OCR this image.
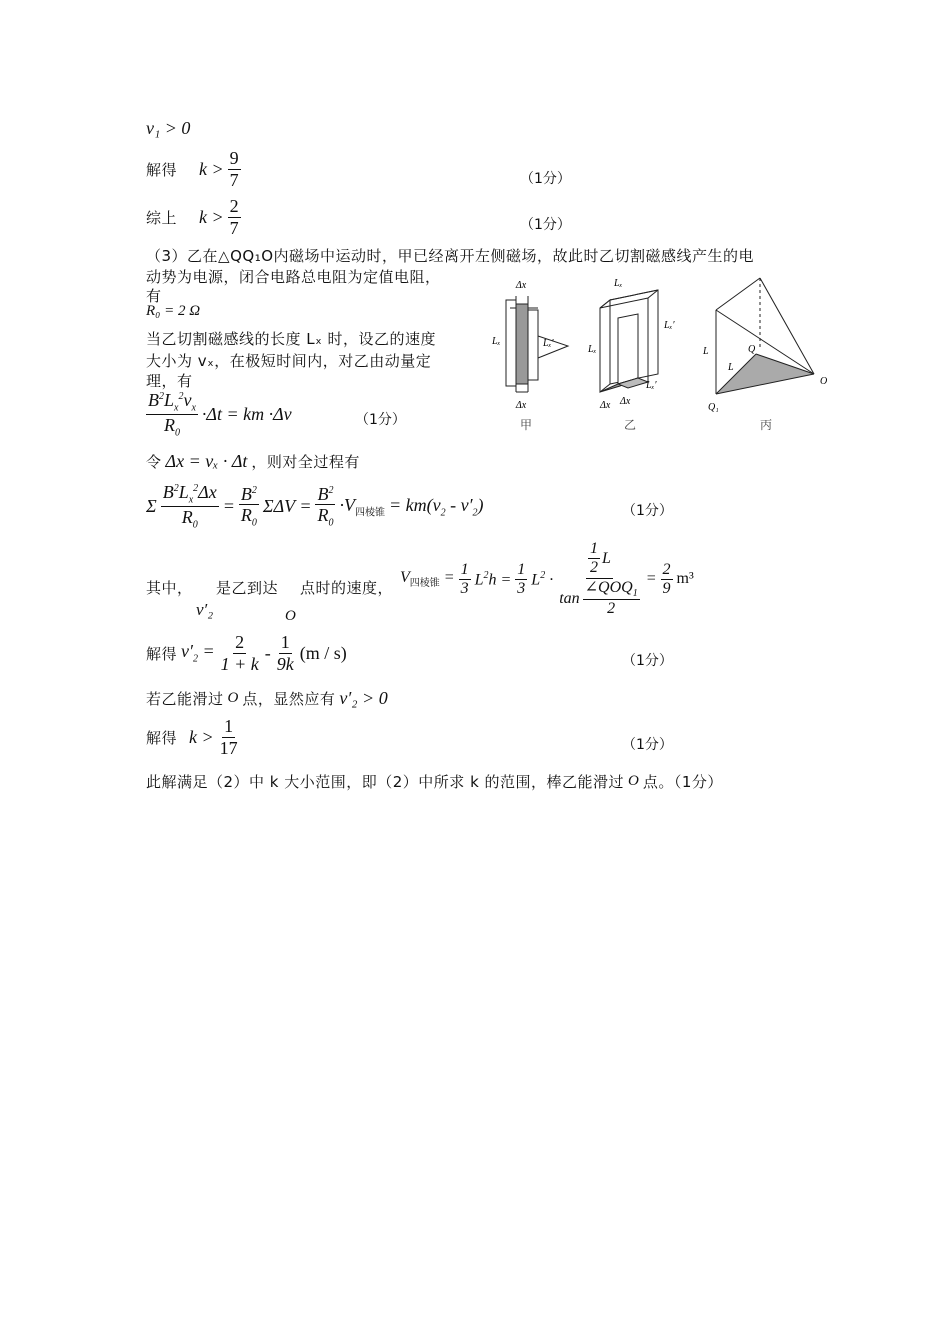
v₁ > 0
解得 $k > \frac{9}{7}$	（1分）
综上 $k > \frac{2}{7}$	（1分）
（3）乙在△QQ₁O内磁场中运动时，甲已经离开左侧磁场，故此时乙切割磁感线产生的电
动势为电源，闭合电路总电阻为定值电阻，
有
R₀ = 2 Ω
当乙切割磁感线的长度 Lₓ 时，设乙的速度
大小为 vₓ，在极短时间内，对乙由动量定
理，有
$\frac{B^2L_x^2v_x}{R_0} \cdot\Delta t$ = km ·Δv	（1分）
Δx
Δx
Lₓ	Lₓ′
甲
Lₓ
Lₓ′
Lₓ
Lₓ′
Δx Δx
乙
L
L
Q
O
Q₁
丙
令 Δx = vₓ · Δt ，则对全过程有
Σ $\frac{B^2L_x^2\Delta x}{R_0} = \frac{B^2}{R_0}$ $\Sigma\Delta V = \frac{B^2}{R_0} \cdot V_{四棱锥} = km(v_2 - v'_2)$	（1分）
其中，
v′₂
是乙到达
O
点时的速度，
$V_{四棱锥} = \frac{1}{3} L^2h = \frac{1}{3} L^2 \cdot \frac{\frac{1}{2} L}{\tan \frac{\angle QOQ_1}{2}} = \frac{2}{9} m^3$
解得 $v'_2 = \frac{2}{1 + k} - \frac{1}{9k} (m / s)$	（1分）
若乙能滑过 O 点，显然应有 v′₂ > 0
解得 $k > \frac{1}{17}$	（1分）
此解满足（2）中 k 大小范围，即（2）中所求 k 的范围，棒乙能滑过 O 点。（1分）
